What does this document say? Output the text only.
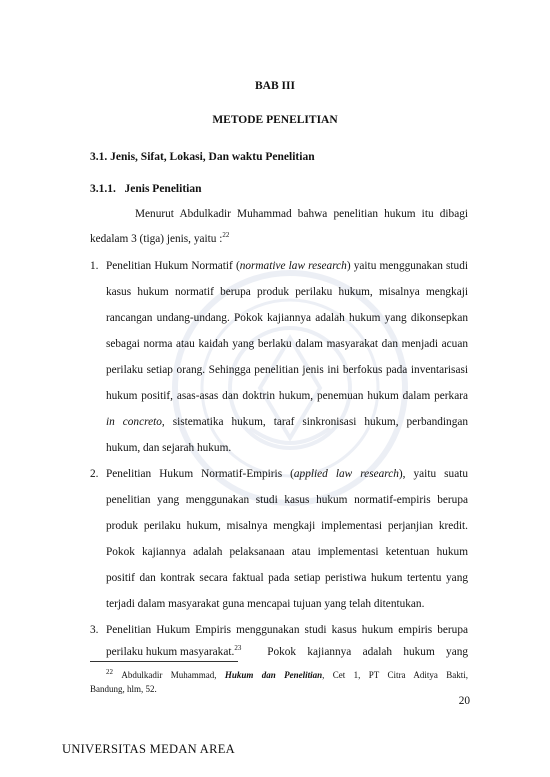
BAB III
METODE PENELITIAN
3.1. Jenis, Sifat, Lokasi, Dan waktu Penelitian
3.1.1. Jenis Penelitian
Menurut Abdulkadir Muhammad bahwa penelitian hukum itu dibagi
kedalam 3 (tiga) jenis, yaitu :$^{22}$
1. Penelitian Hukum Normatif (normative law research) yaitu menggunakan studi
kasus hukum normatif berupa produk perilaku hukum, misalnya mengkaji
rancangan undang-undang. Pokok kajiannya adalah hukum yang dikonsepkan
sebagai norma atau kaidah yang berlaku dalam masyarakat dan menjadi acuan
perilaku setiap orang. Sehingga penelitian jenis ini berfokus pada inventarisasi
hukum positif, asas-asas dan doktrin hukum, penemuan hukum dalam perkara
in concreto, sistematika hukum, taraf sinkronisasi hukum, perbandingan
hukum, dan sejarah hukum.
2. Penelitian Hukum Normatif-Empiris (applied law research), yaitu suatu
penelitian yang menggunakan studi kasus hukum normatif-empiris berupa
produk perilaku hukum, misalnya mengkaji implementasi perjanjian kredit.
Pokok kajiannya adalah pelaksanaan atau implementasi ketentuan hukum
positif dan kontrak secara faktual pada setiap peristiwa hukum tertentu yang
terjadi dalam masyarakat guna mencapai tujuan yang telah ditentukan.
3. Penelitian Hukum Empiris menggunakan studi kasus hukum empiris berupa
perilaku hukum masyarakat.$^{23}$ Pokok    kajiannya    adalah    hukum    yang
$^{22}$ Abdulkadir Muhammad, Hukum dan Penelitian, Cet 1, PT Citra Aditya Bakti,
Bandung, hlm, 52.
20
UNIVERSITAS MEDAN AREA
